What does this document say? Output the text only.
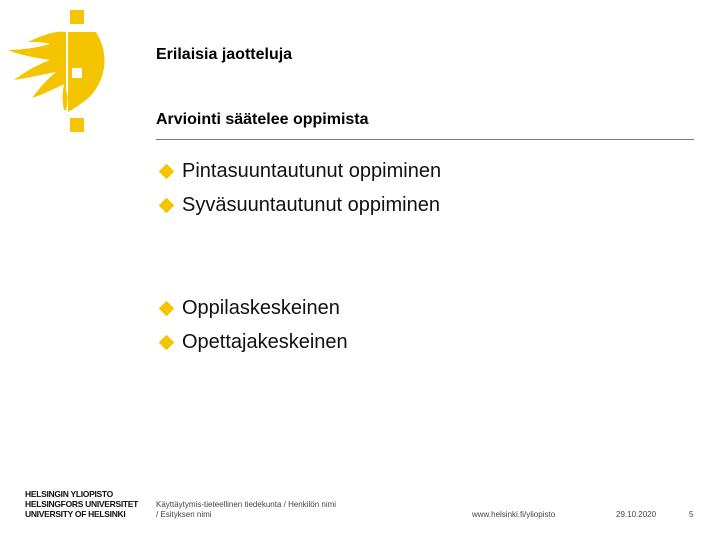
Erilaisia jaotteluja
Arviointi säätelee oppimista
Pintasuuntautunut oppiminen
Syväsuuntautunut oppiminen
Oppilaskeskeinen
Opettajakeskeinen
HELSINGIN YLIOPISTO
HELSINGFORS UNIVERSITET
UNIVERSITY OF HELSINKI
Käyttäytymis-tieteellinen tiedekunta / Henkilön nimi
/ Esityksen nimi	www.helsinki.fi/yliopisto	29.10.2020	5
